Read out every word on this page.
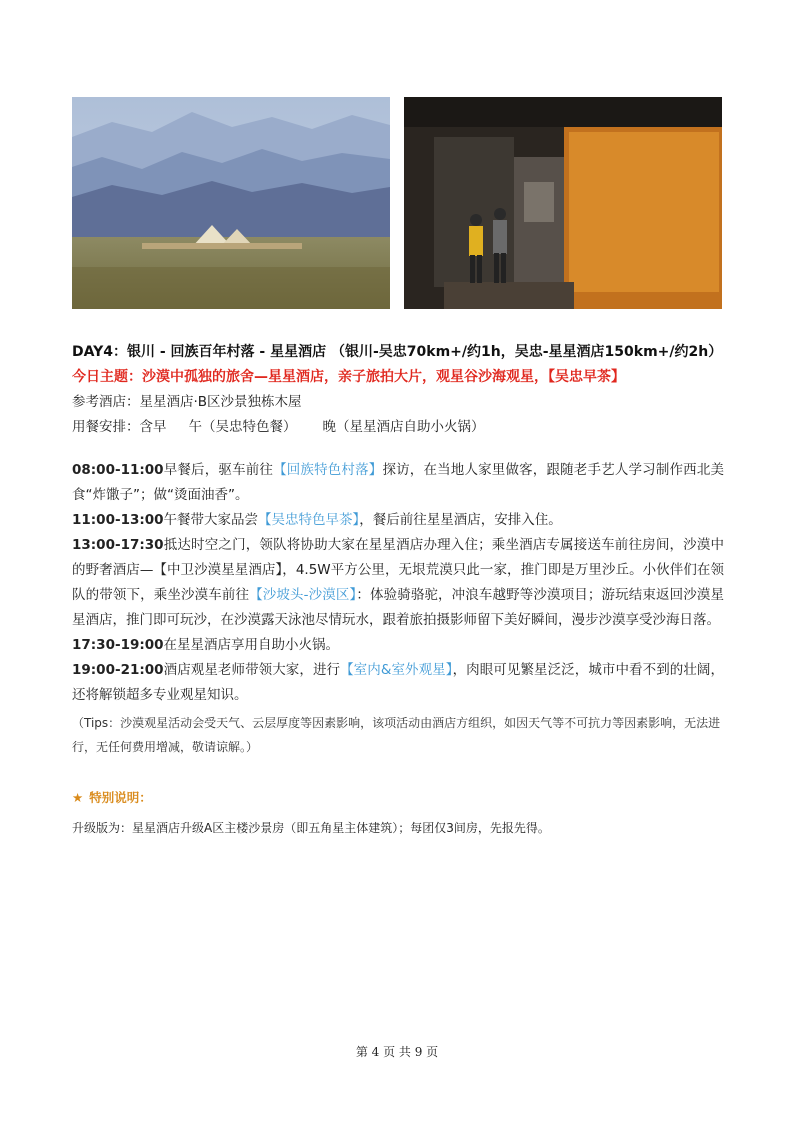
DAY4：银川 - 回族百年村落 - 星星酒店 （银川-吴忠70km+/约1h，吴忠-星星酒店150km+/约2h）
今日主题：沙漠中孤独的旅舍—星星酒店，亲子旅拍大片，观星谷沙海观星，【吴忠早茶】
参考酒店：星星酒店·B区沙景独栋木屋
用餐安排：含早 午（吴忠特色餐） 晚（星星酒店自助小火锅）

08:00-11:00早餐后，驱车前往【回族特色村落】探访，在当地人家里做客，跟随老手艺人学习制作西北美食“炸馓子”；做“烫面油香”。

11:00-13:00午餐带大家品尝【吴忠特色早茶】，餐后前往星星酒店，安排入住。

13:00-17:30抵达时空之门，领队将协助大家在星星酒店办理入住；乘坐酒店专属接送车前往房间，沙漠中的野奢酒店—【中卫沙漠星星酒店】，4.5W平方公里，无垠荒漠只此一家，推门即是万里沙丘。小伙伴们在领队的带领下，乘坐沙漠车前往【沙坡头-沙漠区】：体验骑骆驼，冲浪车越野等沙漠项目；游玩结束返回沙漠星星酒店，推门即可玩沙，在沙漠露天泳池尽情玩水，跟着旅拍摄影师留下美好瞬间，漫步沙漠享受沙海日落。

17:30-19:00在星星酒店享用自助小火锅。

19:00-21:00酒店观星老师带领大家，进行【室内&室外观星】，肉眼可见繁星泛泛，城市中看不到的壮阔，还将解锁超多专业观星知识。

（Tips：沙漠观星活动会受天气、云层厚度等因素影响，该项活动由酒店方组织，如因天气等不可抗力等因素影响，无法进行，无任何费用增减，敬请谅解。）

★ 特别说明：
升级版为：星星酒店升级A区主楼沙景房（即五角星主体建筑）；每团仅3间房，先报先得。
第 4 页 共 9 页
